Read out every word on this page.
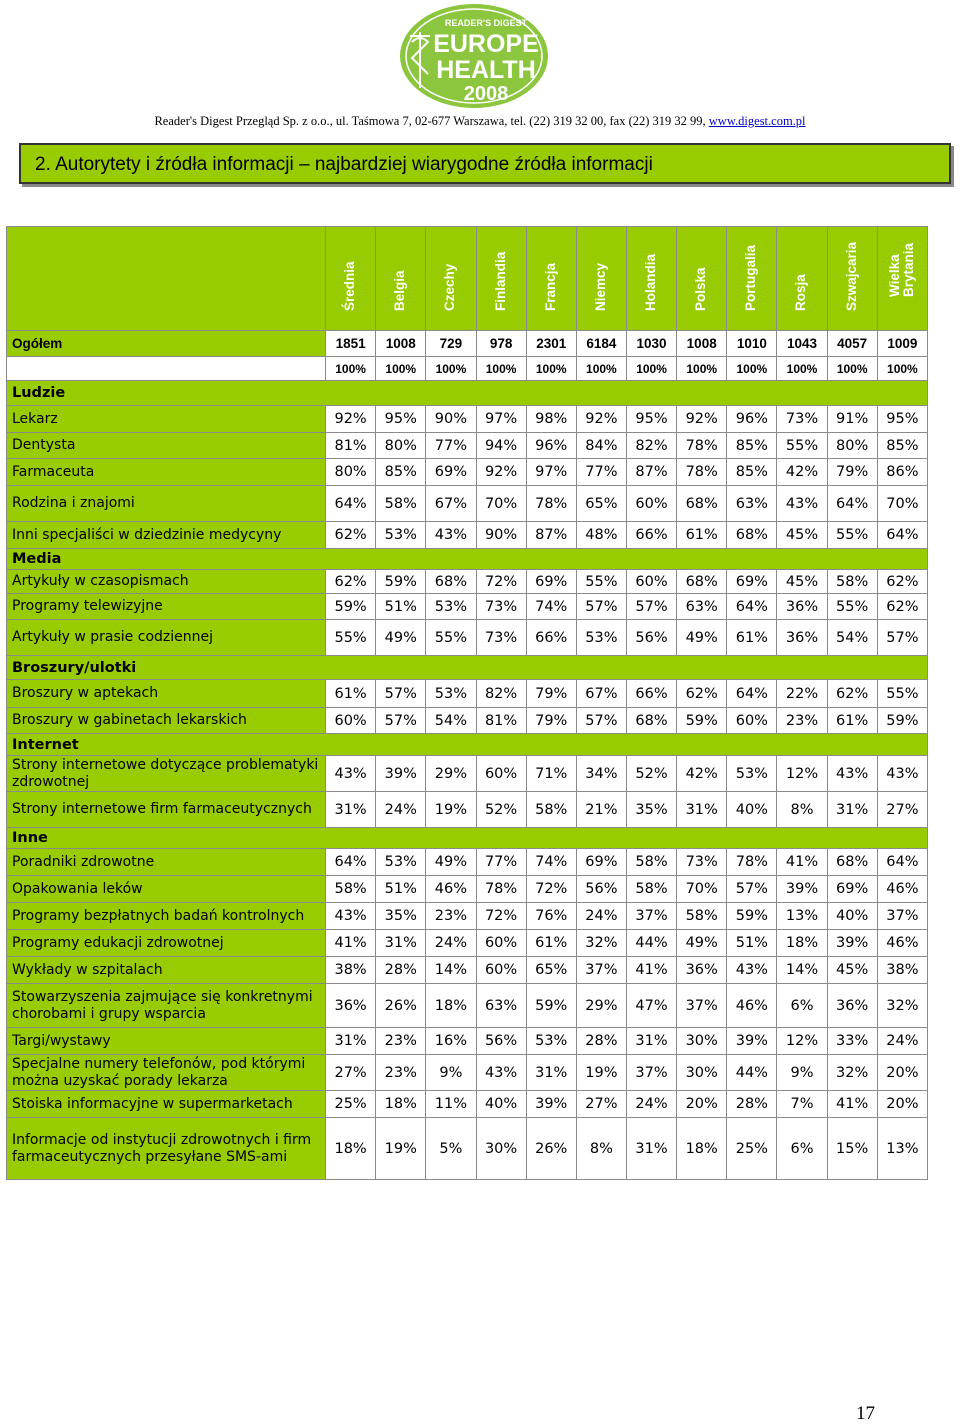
READER'S DIGEST
EUROPE
HEALTH
2008
Reader's Digest Przegląd Sp. z o.o., ul. Taśmowa 7, 02-677 Warszawa, tel. (22) 319 32 00, fax (22) 319 32 99, www.digest.com.pl
2. Autorytety i źródła informacji – najbardziej wiarygodne źródła informacji

	Średnia	Belgia	Czechy	Finlandia	Francja	Niemcy	Holandia	Polska	Portugalia	Rosja	Szwajcaria	Wielka Brytania

Ogółem	1851	1008	729	978	2301	6184	1030	1008	1010	1043	4057	1009
	100%	100%	100%	100%	100%	100%	100%	100%	100%	100%	100%	100%
Ludzie												
Lekarz	92%	95%	90%	97%	98%	92%	95%	92%	96%	73%	91%	95%
Dentysta	81%	80%	77%	94%	96%	84%	82%	78%	85%	55%	80%	85%
Farmaceuta	80%	85%	69%	92%	97%	77%	87%	78%	85%	42%	79%	86%
Rodzina i znajomi	64%	58%	67%	70%	78%	65%	60%	68%	63%	43%	64%	70%
Inni specjaliści w dziedzinie medycyny	62%	53%	43%	90%	87%	48%	66%	61%	68%	45%	55%	64%
Media												
Artykuły w czasopismach	62%	59%	68%	72%	69%	55%	60%	68%	69%	45%	58%	62%
Programy telewizyjne	59%	51%	53%	73%	74%	57%	57%	63%	64%	36%	55%	62%
Artykuły w prasie codziennej	55%	49%	55%	73%	66%	53%	56%	49%	61%	36%	54%	57%
Broszury/ulotki												
Broszury w aptekach	61%	57%	53%	82%	79%	67%	66%	62%	64%	22%	62%	55%
Broszury w gabinetach lekarskich	60%	57%	54%	81%	79%	57%	68%	59%	60%	23%	61%	59%
Internet												
Strony internetowe dotyczące problematyki zdrowotnej	43%	39%	29%	60%	71%	34%	52%	42%	53%	12%	43%	43%
Strony internetowe firm farmaceutycznych	31%	24%	19%	52%	58%	21%	35%	31%	40%	8%	31%	27%
Inne												
Poradniki zdrowotne	64%	53%	49%	77%	74%	69%	58%	73%	78%	41%	68%	64%
Opakowania leków	58%	51%	46%	78%	72%	56%	58%	70%	57%	39%	69%	46%
Programy bezpłatnych badań kontrolnych	43%	35%	23%	72%	76%	24%	37%	58%	59%	13%	40%	37%
Programy edukacji zdrowotnej	41%	31%	24%	60%	61%	32%	44%	49%	51%	18%	39%	46%
Wykłady w szpitalach	38%	28%	14%	60%	65%	37%	41%	36%	43%	14%	45%	38%
Stowarzyszenia zajmujące się konkretnymi chorobami i grupy wsparcia	36%	26%	18%	63%	59%	29%	47%	37%	46%	6%	36%	32%
Targi/wystawy	31%	23%	16%	56%	53%	28%	31%	30%	39%	12%	33%	24%
Specjalne numery telefonów, pod którymi można uzyskać porady lekarza	27%	23%	9%	43%	31%	19%	37%	30%	44%	9%	32%	20%
Stoiska informacyjne w supermarketach	25%	18%	11%	40%	39%	27%	24%	20%	28%	7%	41%	20%
Informacje od instytucji zdrowotnych i firm farmaceutycznych przesyłane SMS-ami	18%	19%	5%	30%	26%	8%	31%	18%	25%	6%	15%	13%
17
